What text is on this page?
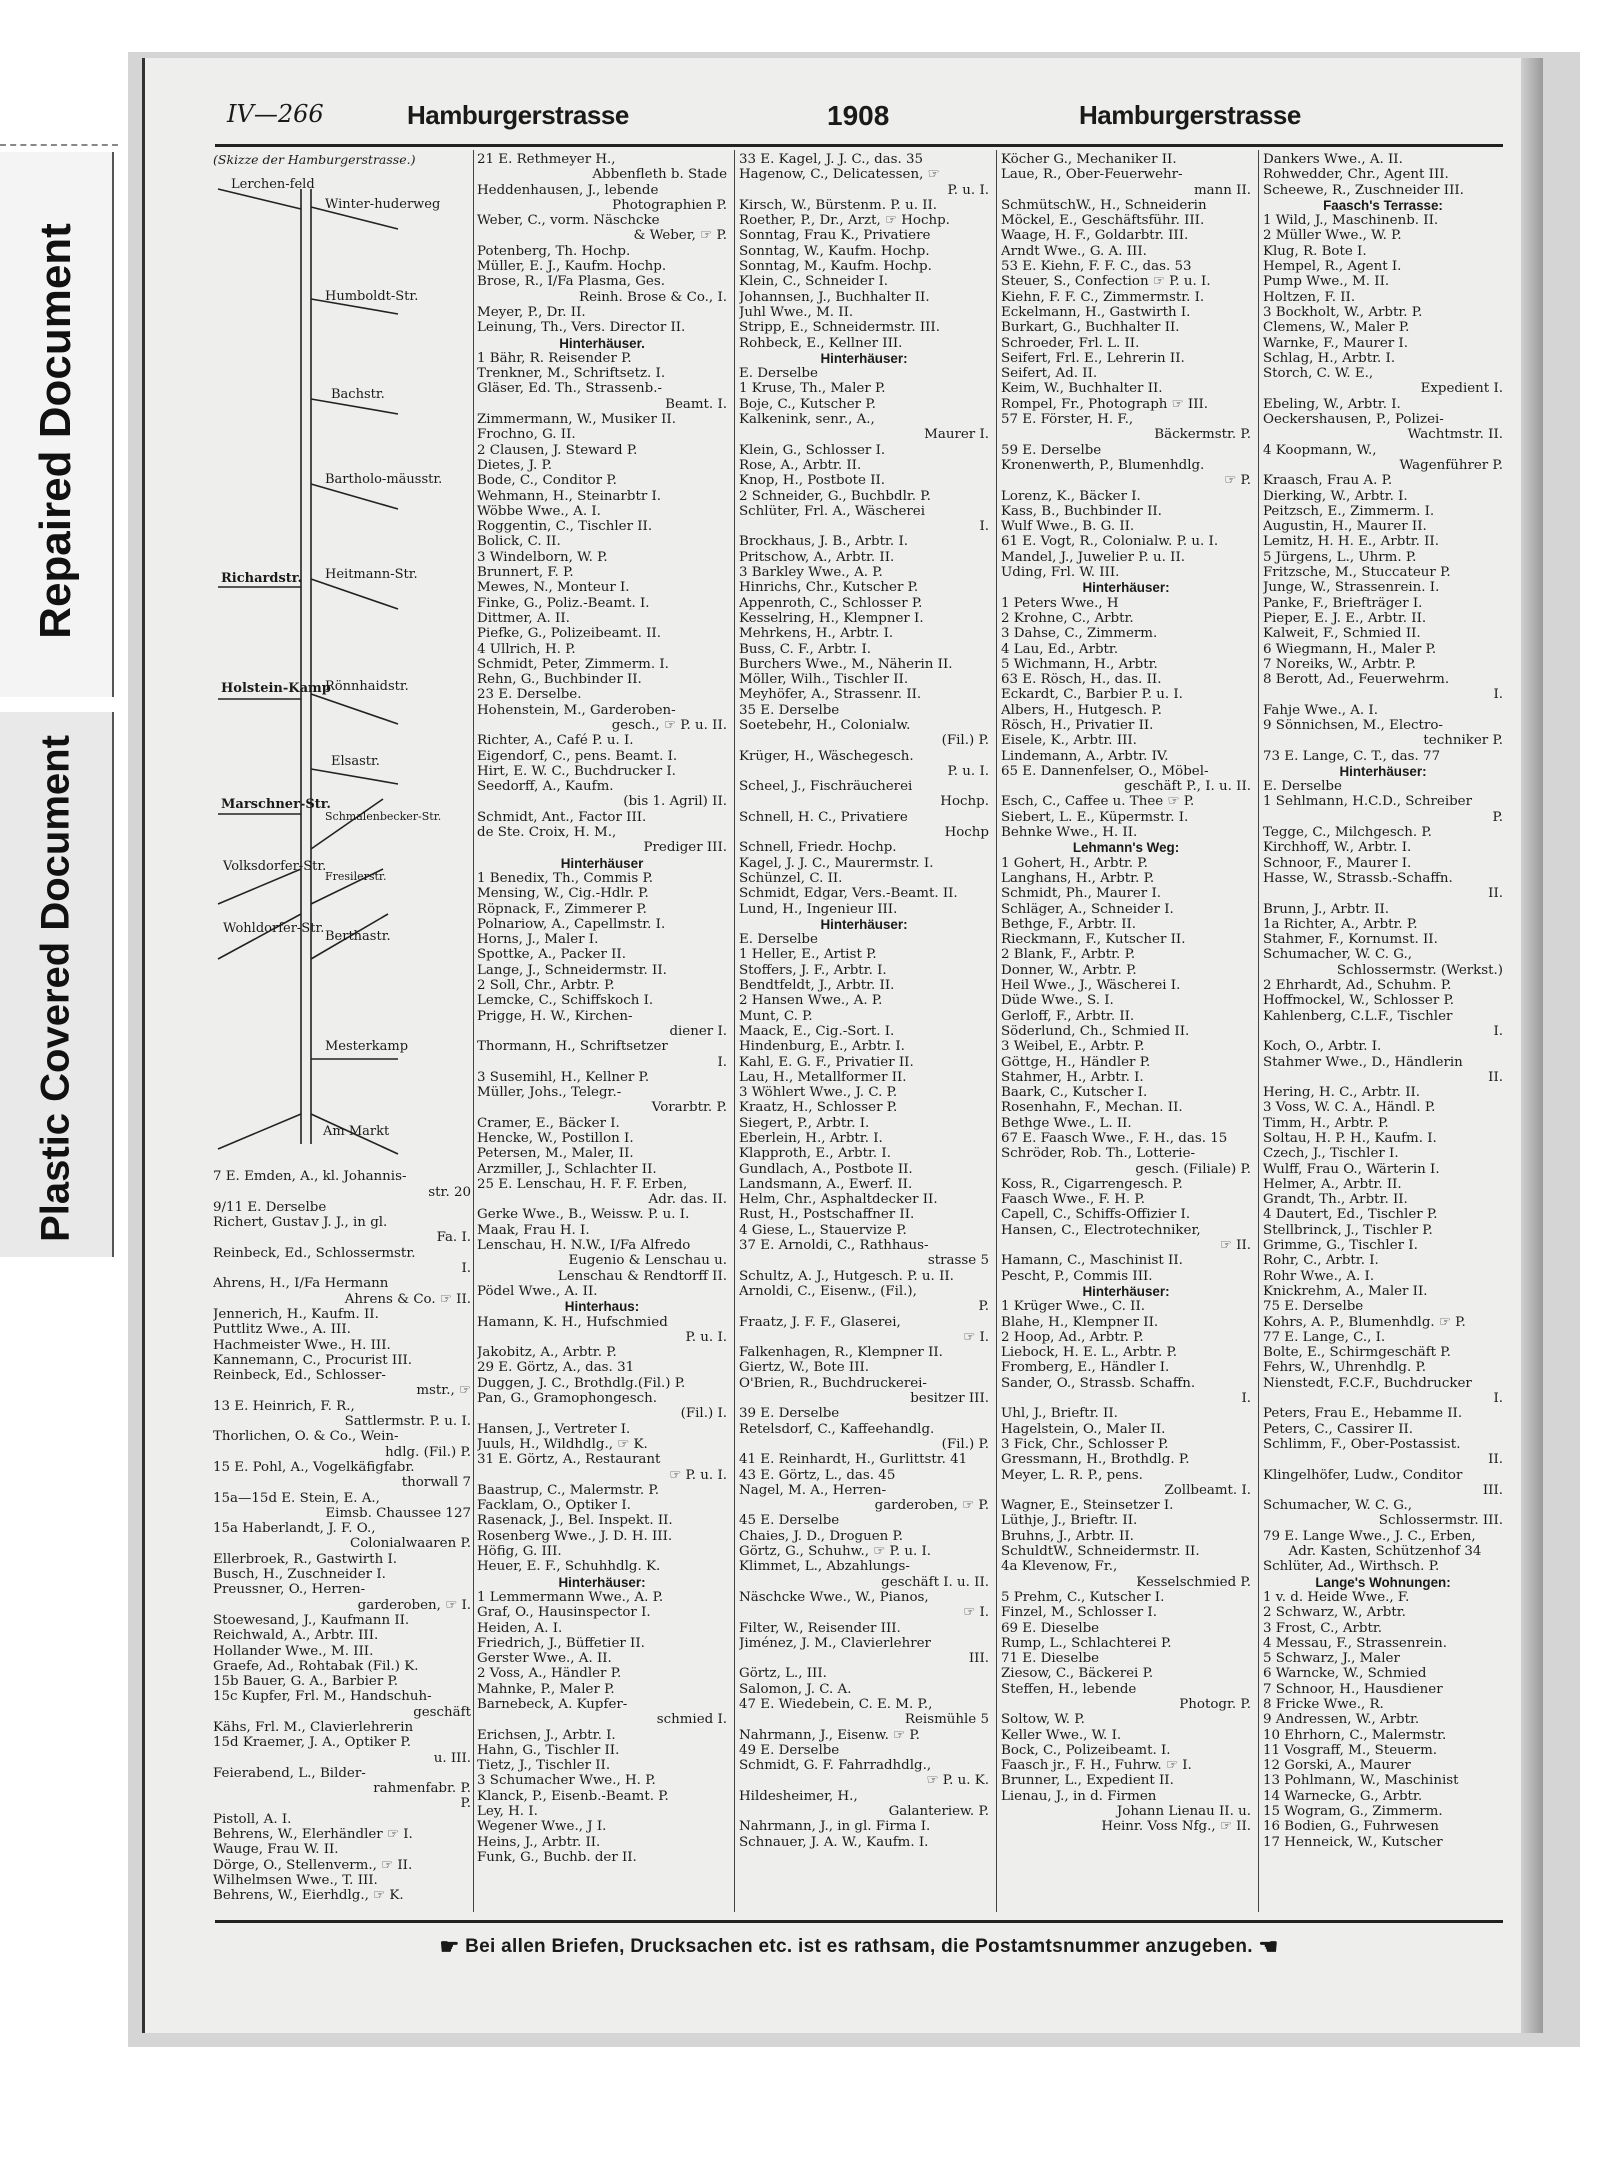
Repaired Document
Plastic Covered Document
IV—266	Hamburgerstrasse	1908	Hamburgerstrasse
(Skizze der Hamburgerstrasse.)
Lerchen-feld
Winter-huderweg
Humboldt-Str.
Bachstr.
Bartholo-mäusstr.
Richardstr. Heitmann-Str.
Rönnhaidstr.
Holstein-Kamp
Elsastr.
Marschner-Str.
Schmalenbecker-Str.
Volksdorfer-Str.
Wohldorfer-Str.
Fresilerstr.
Berthastr.
Mesterkamp
Am Markt
7 E. Emden, A., kl. Johannis-
str. 20
9/11 E. Derselbe
Richert, Gustav J. J., in gl.
Fa. I.
Reinbeck, Ed., Schlossermstr.
I.
Ahrens, H., I/Fa Hermann
Ahrens & Co. ☞ II.
Jennerich, H., Kaufm. II.
Puttlitz Wwe., A. III.
Hachmeister Wwe., H. III.
Kannemann, C., Procurist III.
Reinbeck, Ed., Schlosser-
mstr., ☞
13 E. Heinrich, F. R.,
Sattlermstr. P. u. I.
Thorlichen, O. & Co., Wein-
hdlg. (Fil.) P.
15 E. Pohl, A., Vogelkäfigfabr.
thorwall 7
15a—15d E. Stein, E. A.,
Eimsb. Chaussee 127
15a Haberlandt, J. F. O.,
Colonialwaaren P.
Ellerbroek, R., Gastwirth I.
Busch, H., Zuschneider I.
Preussner, O., Herren-
garderoben, ☞ I.
Stoewesand, J., Kaufmann II.
Reichwald, A., Arbtr. III.
Hollander Wwe., M. III.
Graefe, Ad., Rohtabak (Fil.) K.
15b Bauer, G. A., Barbier P.
15c Kupfer, Frl. M., Handschuh-
geschäft
Kähs, Frl. M., Clavierlehrerin
15d Kraemer, J. A., Optiker P.
u. III.
Feierabend, L., Bilder-
rahmenfabr. P.
P.
Pistoll, A. I.
Behrens, W., Elerhändler ☞ I.
Wauge, Frau W. II.
Dörge, O., Stellenverm., ☞ II.
Wilhelmsen Wwe., T. III.
Behrens, W., Eierhdlg., ☞ K.
21 E. Rethmeyer H.,
Abbenfleth b. Stade
Heddenhausen, J., lebende
Photographien P.
Weber, C., vorm. Näschcke
& Weber, ☞ P.
Potenberg, Th. Hochp.
Müller, E. J., Kaufm. Hochp.
Brose, R., I/Fa Plasma, Ges.
Reinh. Brose & Co., I.
Meyer, P., Dr. II.
Leinung, Th., Vers. Director II.
Hinterhäuser.
1 Bähr, R. Reisender P.
Trenkner, M., Schriftsetz. I.
Gläser, Ed. Th., Strassenb.-
Beamt. I.
Zimmermann, W., Musiker II.
Frochno, G. II.
2 Clausen, J. Steward P.
Dietes, J. P.
Bode, C., Conditor P.
Wehmann, H., Steinarbtr I.
Wöbbe Wwe., A. I.
Roggentin, C., Tischler II.
Bolick, C. II.
3 Windelborn, W. P.
Brunnert, F. P.
Mewes, N., Monteur I.
Finke, G., Poliz.-Beamt. I.
Dittmer, A. II.
Piefke, G., Polizeibeamt. II.
4 Ullrich, H. P.
Schmidt, Peter, Zimmerm. I.
Rehn, G., Buchbinder II.
23 E. Derselbe.
Hohenstein, M., Garderoben-
gesch., ☞ P. u. II.
Richter, A., Café P. u. I.
Eigendorf, C., pens. Beamt. I.
Hirt, E. W. C., Buchdrucker I.
Seedorff, A., Kaufm.
(bis 1. Agril) II.
Schmidt, Ant., Factor III.
de Ste. Croix, H. M.,
Prediger III.
Hinterhäuser
1 Benedix, Th., Commis P.
Mensing, W., Cig.-Hdlr. P.
Röpnack, F., Zimmerer P.
Polnariow, A., Capellmstr. I.
Horns, J., Maler I.
Spottke, A., Packer II.
Lange, J., Schneidermstr. II.
2 Soll, Chr., Arbtr. P.
Lemcke, C., Schiffskoch I.
Prigge, H. W., Kirchen-
diener I.
Thormann, H., Schriftsetzer
I.
3 Susemihl, H., Kellner P.
Müller, Johs., Telegr.-
Vorarbtr. P.
Cramer, E., Bäcker I.
Hencke, W., Postillon I.
Petersen, M., Maler, II.
Arzmiller, J., Schlachter II.
25 E. Lenschau, H. F. F. Erben,
Adr. das. II.
Gerke Wwe., B., Weissw. P. u. I.
Maak, Frau H. I.
Lenschau, H. N.W., I/Fa Alfredo
Eugenio & Lenschau u.
Lenschau & Rendtorff II.
Pödel Wwe., A. II.
Hinterhaus:
Hamann, K. H., Hufschmied
P. u. I.
Jakobitz, A., Arbtr. P.
29 E. Görtz, A., das. 31
Duggen, J. C., Brothdlg.(Fil.) P.
Pan, G., Gramophongesch.
(Fil.) I.
Hansen, J., Vertreter I.
Juuls, H., Wildhdlg., ☞ K.
31 E. Görtz, A., Restaurant
☞ P. u. I.
Baastrup, C., Malermstr. P.
Facklam, O., Optiker I.
Rasenack, J., Bel. Inspekt. II.
Rosenberg Wwe., J. D. H. III.
Höfig, G. III.
Heuer, E. F., Schuhhdlg. K.
Hinterhäuser:
1 Lemmermann Wwe., A. P.
Graf, O., Hausinspector I.
Heiden, A. I.
Friedrich, J., Büffetier II.
Gerster Wwe., A. II.
2 Voss, A., Händler P.
Mahnke, P., Maler P.
Barnebeck, A. Kupfer-
schmied I.
Erichsen, J., Arbtr. I.
Hahn, G., Tischler II.
Tietz, J., Tischler II.
3 Schumacher Wwe., H. P.
Klanck, P., Eisenb.-Beamt. P.
Ley, H. I.
Wegener Wwe., J I.
Heins, J., Arbtr. II.
Funk, G., Buchb. der II.
33 E. Kagel, J. J. C., das. 35
Hagenow, C., Delicatessen, ☞
P. u. I.
Kirsch, W., Bürstenm. P. u. II.
Roether, P., Dr., Arzt, ☞ Hochp.
Sonntag, Frau K., Privatiere
Sonntag, W., Kaufm. Hochp.
Sonntag, M., Kaufm. Hochp.
Klein, C., Schneider I.
Johannsen, J., Buchhalter II.
Juhl Wwe., M. II.
Stripp, E., Schneidermstr. III.
Rohbeck, E., Kellner III.
Hinterhäuser:
E. Derselbe
1 Kruse, Th., Maler P.
Boje, C., Kutscher P.
Kalkenink, senr., A.,
Maurer I.
Klein, G., Schlosser I.
Rose, A., Arbtr. II.
Knop, H., Postbote II.
2 Schneider, G., Buchbdlr. P.
Schlüter, Frl. A., Wäscherei
I.
Brockhaus, J. B., Arbtr. I.
Pritschow, A., Arbtr. II.
3 Barkley Wwe., A. P.
Hinrichs, Chr., Kutscher P.
Appenroth, C., Schlosser P.
Kesselring, H., Klempner I.
Mehrkens, H., Arbtr. I.
Buss, C. F., Arbtr. I.
Burchers Wwe., M., Näherin II.
Möller, Wilh., Tischler II.
Meyhöfer, A., Strassenr. II.
35 E. Derselbe
Soetebehr, H., Colonialw.
(Fil.) P.
Krüger, H., Wäschegesch.
P. u. I.
Scheel, J., Fischräucherei
Hochp.
Schnell, H. C., Privatiere
Hochp
Schnell, Friedr. Hochp.
Kagel, J. J. C., Maurermstr. I.
Schünzel, C. II.
Schmidt, Edgar, Vers.-Beamt. II.
Lund, H., Ingenieur III.
Hinterhäuser:
E. Derselbe
1 Heller, E., Artist P.
Stoffers, J. F., Arbtr. I.
Bendtfeldt, J., Arbtr. II.
2 Hansen Wwe., A. P.
Munt, C. P.
Maack, E., Cig.-Sort. I.
Hindenburg, E., Arbtr. I.
Kahl, E. G. F., Privatier II.
Lau, H., Metallformer II.
3 Wöhlert Wwe., J. C. P.
Kraatz, H., Schlosser P.
Siegert, P., Arbtr. I.
Eberlein, H., Arbtr. I.
Klapproth, E., Arbtr. I.
Gundlach, A., Postbote II.
Landsmann, A., Ewerf. II.
Helm, Chr., Asphaltdecker II.
Rust, H., Postschaffner II.
4 Giese, L., Stauervize P.
37 E. Arnoldi, C., Rathhaus-
strasse 5
Schultz, A. J., Hutgesch. P. u. II.
Arnoldi, C., Eisenw., (Fil.),
P.
Fraatz, J. F. F., Glaserei,
☞ I.
Falkenhagen, R., Klempner II.
Giertz, W., Bote III.
O'Brien, R., Buchdruckerei-
besitzer III.
39 E. Derselbe
Retelsdorf, C., Kaffeehandlg.
(Fil.) P.
41 E. Reinhardt, H., Gurlittstr. 41
43 E. Görtz, L., das. 45
Nagel, M. A., Herren-
garderoben, ☞ P.
45 E. Derselbe
Chaies, J. D., Droguen P.
Görtz, G., Schuhw., ☞ P. u. I.
Klimmet, L., Abzahlungs-
geschäft I. u. II.
Näschcke Wwe., W., Pianos,
☞ I.
Filter, W., Reisender III.
Jiménez, J. M., Clavierlehrer
III.
Görtz, L., III.
Salomon, J. C. A.
47 E. Wiedebein, C. E. M. P.,
Reismühle 5
Nahrmann, J., Eisenw. ☞ P.
49 E. Derselbe
Schmidt, G. F. Fahrradhdlg.,
☞ P. u. K.
Hildesheimer, H.,
Galanteriew. P.
Nahrmann, J., in gl. Firma I.
Schnauer, J. A. W., Kaufm. I.
Köcher G., Mechaniker II.
Laue, R., Ober-Feuerwehr-
mann II.
SchmütschW., H., Schneiderin
Möckel, E., Geschäftsführ. III.
Waage, H. F., Goldarbtr. III.
Arndt Wwe., G. A. III.
53 E. Kiehn, F. F. C., das. 53
Steuer, S., Confection ☞ P. u. I.
Kiehn, F. F. C., Zimmermstr. I.
Eckelmann, H., Gastwirth I.
Burkart, G., Buchhalter II.
Schroeder, Frl. L. II.
Seifert, Frl. E., Lehrerin II.
Seifert, Ad. II.
Keim, W., Buchhalter II.
Rompel, Fr., Photograph ☞ III.
57 E. Förster, H. F.,
Bäckermstr. P.
59 E. Derselbe
Kronenwerth, P., Blumenhdlg.
☞ P.
Lorenz, K., Bäcker I.
Kass, B., Buchbinder II.
Wulf Wwe., B. G. II.
61 E. Vogt, R., Colonialw. P. u. I.
Mandel, J., Juwelier P. u. II.
Uding, Frl. W. III.
Hinterhäuser:
1 Peters Wwe., H
2 Krohne, C., Arbtr.
3 Dahse, C., Zimmerm.
4 Lau, Ed., Arbtr.
5 Wichmann, H., Arbtr.
63 E. Rösch, H., das. II.
Eckardt, C., Barbier P. u. I.
Albers, H., Hutgesch. P.
Rösch, H., Privatier II.
Eisele, K., Arbtr. III.
Lindemann, A., Arbtr. IV.
65 E. Dannenfelser, O., Möbel-
geschäft P., I. u. II.
Esch, C., Caffee u. Thee ☞ P.
Siebert, L. E., Küpermstr. I.
Behnke Wwe., H. II.
Lehmann's Weg:
1 Gohert, H., Arbtr. P.
Langhans, H., Arbtr. P.
Schmidt, Ph., Maurer I.
Schläger, A., Schneider I.
Bethge, F., Arbtr. II.
Rieckmann, F., Kutscher II.
2 Blank, F., Arbtr. P.
Donner, W., Arbtr. P.
Heil Wwe., J., Wäscherei I.
Düde Wwe., S. I.
Gerloff, F., Arbtr. II.
Söderlund, Ch., Schmied II.
3 Weibel, E., Arbtr. P.
Göttge, H., Händler P.
Stahmer, H., Arbtr. I.
Baark, C., Kutscher I.
Rosenhahn, F., Mechan. II.
Bethge Wwe., L. II.
67 E. Faasch Wwe., F. H., das. 15
Schröder, Rob. Th., Lotterie-
gesch. (Filiale) P.
Koss, R., Cigarrengesch. P.
Faasch Wwe., F. H. P.
Capell, C., Schiffs-Offizier I.
Hansen, C., Electrotechniker,
☞ II.
Hamann, C., Maschinist II.
Pescht, P., Commis III.
Hinterhäuser:
1 Krüger Wwe., C. II.
Blahe, H., Klempner II.
2 Hoop, Ad., Arbtr. P.
Liebock, H. E. L., Arbtr. P.
Fromberg, E., Händler I.
Sander, O., Strassb. Schaffn.
I.
Uhl, J., Brieftr. II.
Hagelstein, O., Maler II.
3 Fick, Chr., Schlosser P.
Gressmann, H., Brothdlg. P.
Meyer, L. R. P., pens.
Zollbeamt. I.
Wagner, E., Steinsetzer I.
Lüthje, J., Brieftr. II.
Bruhns, J., Arbtr. II.
SchuldtW., Schneidermstr. II.
4a Klevenow, Fr.,
Kesselschmied P.
5 Prehm, C., Kutscher I.
Finzel, M., Schlosser I.
69 E. Dieselbe
Rump, L., Schlachterei P.
71 E. Dieselbe
Ziesow, C., Bäckerei P.
Steffen, H., lebende
Photogr. P.
Soltow, W. P.
Keller Wwe., W. I.
Bock, C., Polizeibeamt. I.
Faasch jr., F. H., Fuhrw. ☞ I.
Brunner, L., Expedient II.
Lienau, J., in d. Firmen
Johann Lienau II. u.
Heinr. Voss Nfg., ☞ II.
Dankers Wwe., A. II.
Rohwedder, Chr., Agent III.
Scheewe, R., Zuschneider III.
Faasch's Terrasse:
1 Wild, J., Maschinenb. II.
2 Müller Wwe., W. P.
Klug, R. Bote I.
Hempel, R., Agent I.
Pump Wwe., M. II.
Holtzen, F. II.
3 Bockholt, W., Arbtr. P.
Clemens, W., Maler P.
Warnke, F., Maurer I.
Schlag, H., Arbtr. I.
Storch, C. W. E.,
Expedient I.
Ebeling, W., Arbtr. I.
Oeckershausen, P., Polizei-
Wachtmstr. II.
4 Koopmann, W.,
Wagenführer P.
Kraasch, Frau A. P.
Dierking, W., Arbtr. I.
Peitzsch, E., Zimmerm. I.
Augustin, H., Maurer II.
Lemitz, H. H. E., Arbtr. II.
5 Jürgens, L., Uhrm. P.
Fritzsche, M., Stuccateur P.
Junge, W., Strassenrein. I.
Panke, F., Briefträger I.
Pieper, E. J. E., Arbtr. II.
Kalweit, F., Schmied II.
6 Wiegmann, H., Maler P.
7 Noreiks, W., Arbtr. P.
8 Berott, Ad., Feuerwehrm.
I.
Fahje Wwe., A. I.
9 Sönnichsen, M., Electro-
techniker P.
73 E. Lange, C. T., das. 77
Hinterhäuser:
E. Derselbe
1 Sehlmann, H.C.D., Schreiber
P.
Tegge, C., Milchgesch. P.
Kirchhoff, W., Arbtr. I.
Schnoor, F., Maurer I.
Hasse, W., Strassb.-Schaffn.
II.
Brunn, J., Arbtr. II.
1a Richter, A., Arbtr. P.
Stahmer, F., Kornumst. II.
Schumacher, W. C. G.,
Schlossermstr. (Werkst.)
2 Ehrhardt, Ad., Schuhm. P.
Hoffmockel, W., Schlosser P.
Kahlenberg, C.L.F., Tischler
I.
Koch, O., Arbtr. I.
Stahmer Wwe., D., Händlerin
II.
Hering, H. C., Arbtr. II.
3 Voss, W. C. A., Händl. P.
Timm, H., Arbtr. P.
Soltau, H. P. H., Kaufm. I.
Czech, J., Tischler I.
Wulff, Frau O., Wärterin I.
Helmer, A., Arbtr. II.
Grandt, Th., Arbtr. II.
4 Dautert, Ed., Tischler P.
Stellbrinck, J., Tischler P.
Grimme, G., Tischler I.
Rohr, C., Arbtr. I.
Rohr Wwe., A. I.
Knickrehm, A., Maler II.
75 E. Derselbe
Kohrs, A. P., Blumenhdlg. ☞ P.
77 E. Lange, C., I.
Bolte, E., Schirmgeschäft P.
Fehrs, W., Uhrenhdlg. P.
Nienstedt, F.C.F., Buchdrucker
I.
Peters, Frau E., Hebamme II.
Peters, C., Cassirer II.
Schlimm, F., Ober-Postassist.
II.
Klingelhöfer, Ludw., Conditor
III.
Schumacher, W. C. G.,
Schlossermstr. III.
79 E. Lange Wwe., J. C., Erben,
Adr. Kasten, Schützenhof 34
Schlüter, Ad., Wirthsch. P.
Lange's Wohnungen:
1 v. d. Heide Wwe., F.
2 Schwarz, W., Arbtr.
3 Frost, C., Arbtr.
4 Messau, F., Strassenrein.
5 Schwarz, J., Maler
6 Warncke, W., Schmied
7 Schnoor, H., Hausdiener
8 Fricke Wwe., R.
9 Andressen, W., Arbtr.
10 Ehrhorn, C., Malermstr.
11 Vosgraff, M., Steuerm.
12 Gorski, A., Maurer
13 Pohlmann, W., Maschinist
14 Warnecke, G., Arbtr.
15 Wogram, G., Zimmerm.
16 Bodien, G., Fuhrwesen
17 Henneick, W., Kutscher
☛ Bei allen Briefen, Drucksachen etc. ist es rathsam, die Postamtsnummer anzugeben. ☚
